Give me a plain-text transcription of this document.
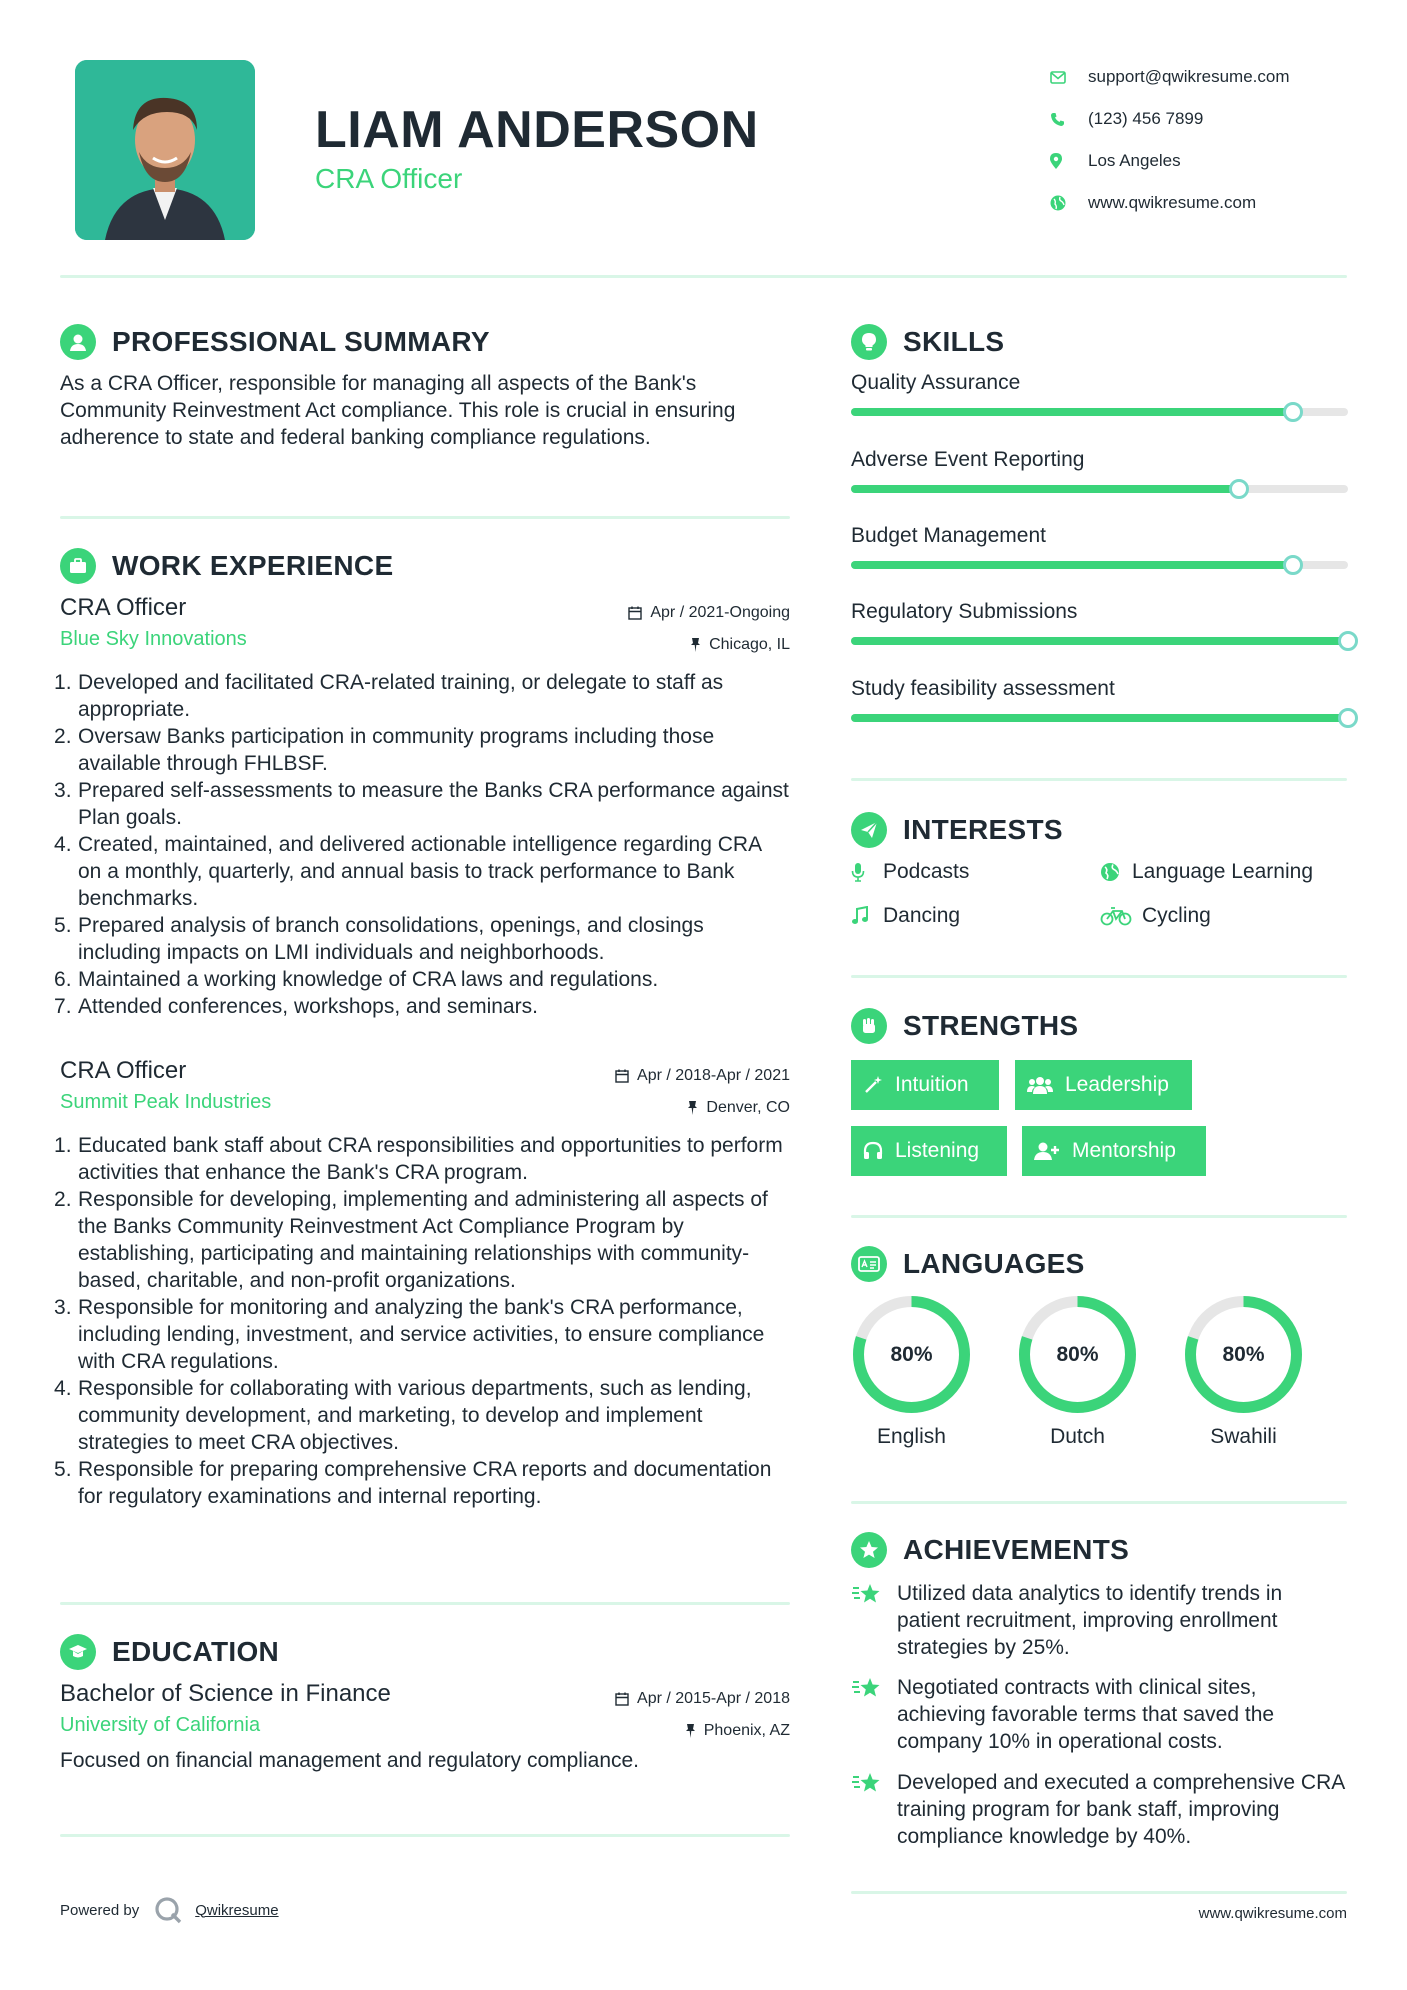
LIAM ANDERSON
CRA Officer
support@qwikresume.com
(123) 456 7899
Los Angeles
www.qwikresume.com
PROFESSIONAL SUMMARY
As a CRA Officer, responsible for managing all aspects of the Bank's Community Reinvestment Act compliance. This role is crucial in ensuring adherence to state and federal banking compliance regulations.
WORK EXPERIENCE
CRA Officer
Blue Sky Innovations
Apr / 2021-Ongoing
Chicago, IL
Developed and facilitated CRA-related training, or delegate to staff as appropriate.
Oversaw Banks participation in community programs including those available through FHLBSF.
Prepared self-assessments to measure the Banks CRA performance against Plan goals.
Created, maintained, and delivered actionable intelligence regarding CRA on a monthly, quarterly, and annual basis to track performance to Bank benchmarks.
Prepared analysis of branch consolidations, openings, and closings including impacts on LMI individuals and neighborhoods.
Maintained a working knowledge of CRA laws and regulations.
Attended conferences, workshops, and seminars.
CRA Officer
Summit Peak Industries
Apr / 2018-Apr / 2021
Denver, CO
Educated bank staff about CRA responsibilities and opportunities to perform activities that enhance the Bank's CRA program.
Responsible for developing, implementing and administering all aspects of the Banks Community Reinvestment Act Compliance Program by establishing, participating and maintaining relationships with community-based, charitable, and non-profit organizations.
Responsible for monitoring and analyzing the bank's CRA performance, including lending, investment, and service activities, to ensure compliance with CRA regulations.
Responsible for collaborating with various departments, such as lending, community development, and marketing, to develop and implement strategies to meet CRA objectives.
Responsible for preparing comprehensive CRA reports and documentation for regulatory examinations and internal reporting.
EDUCATION
Bachelor of Science in Finance
University of California
Apr / 2015-Apr / 2018
Phoenix, AZ
Focused on financial management and regulatory compliance.
SKILLS
Quality Assurance
Adverse Event Reporting
Budget Management
Regulatory Submissions
Study feasibility assessment
INTERESTS
Podcasts	Language Learning
Dancing	Cycling
STRENGTHS
Intuition	Leadership
Listening	Mentorship
LANGUAGES
80%
English
80%
Dutch
80%
Swahili
ACHIEVEMENTS
Utilized data analytics to identify trends in patient recruitment, improving enrollment strategies by 25%.
Negotiated contracts with clinical sites, achieving favorable terms that saved the company 10% in operational costs.
Developed and executed a comprehensive CRA training program for bank staff, improving compliance knowledge by 40%.
Powered by	Qwikresume	www.qwikresume.com
